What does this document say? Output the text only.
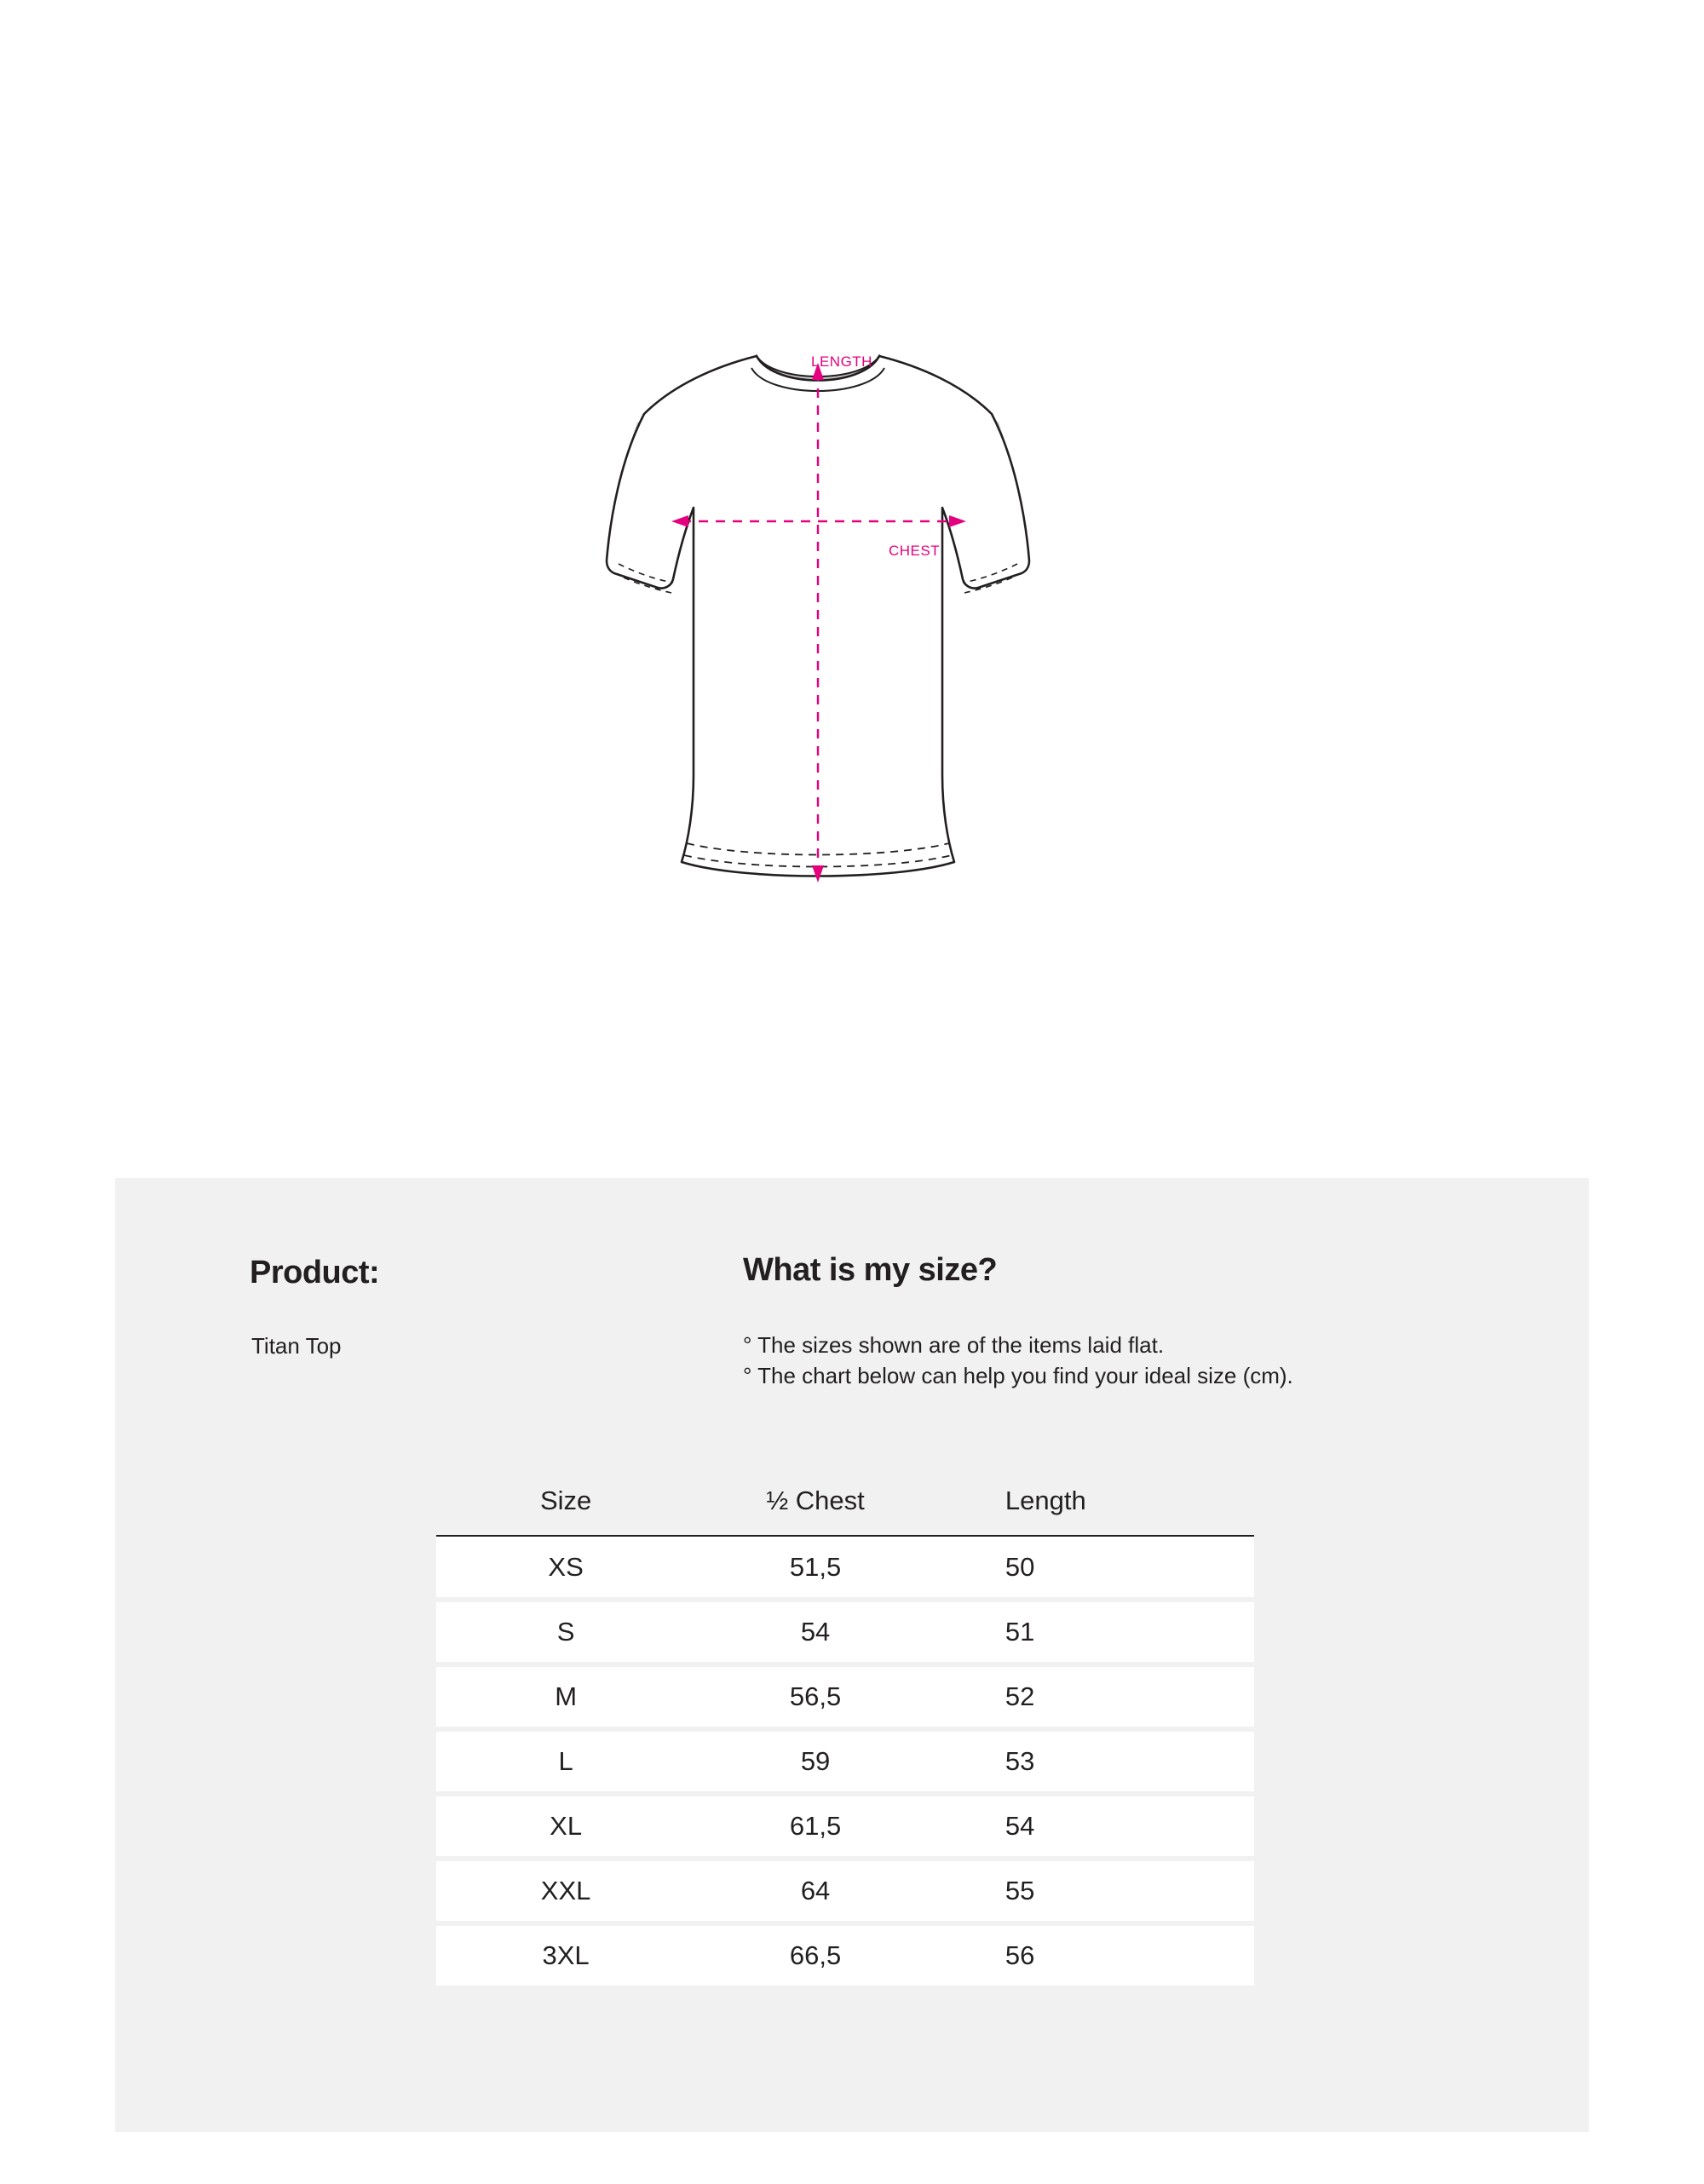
LENGTH
CHEST
Product:
Titan Top
What is my size?
° The sizes shown are of the items laid flat.
° The chart below can help you find your ideal size (cm).
Size	½ Chest	Length
XS	51,5	50
S	54	51
M	56,5	52
L	59	53
XL	61,5	54
XXL	64	55
3XL	66,5	56
